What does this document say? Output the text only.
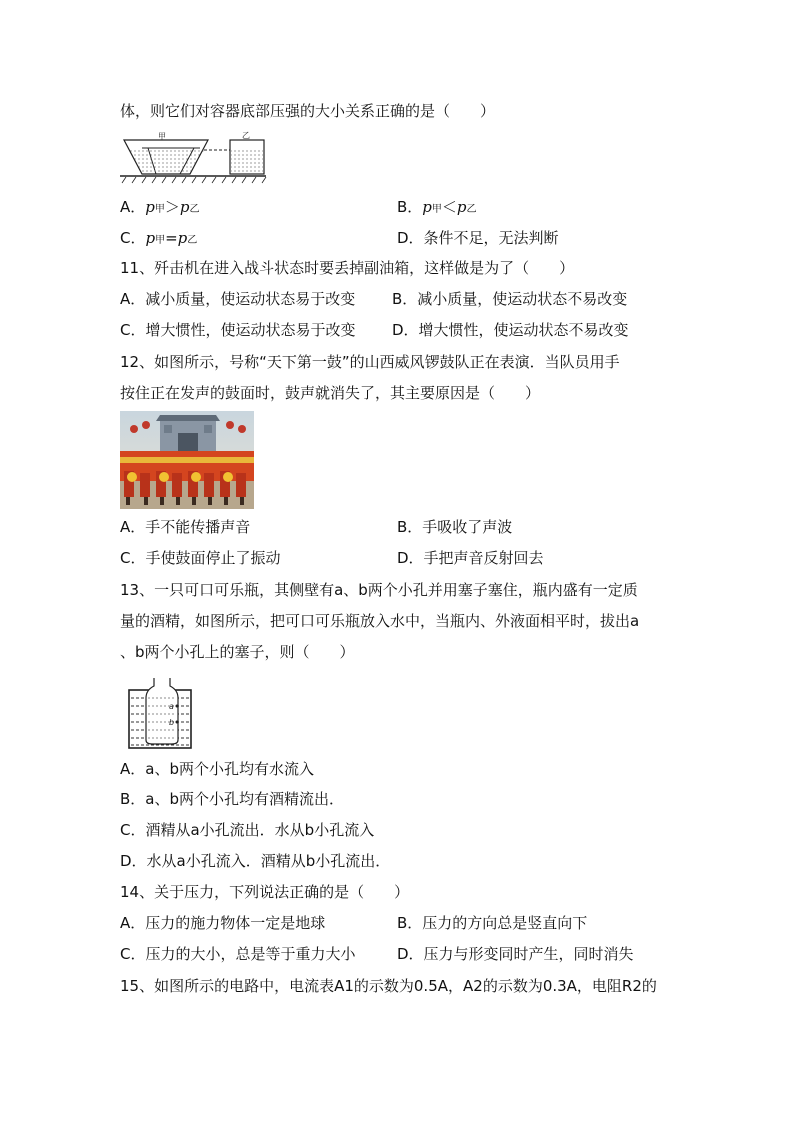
体，则它们对容器底部压强的大小关系正确的是（　　）
甲	乙
A．p甲＞p乙	B．p甲＜p乙
C．p甲=p乙	D．条件不足，无法判断
11、歼击机在进入战斗状态时要丢掉副油箱，这样做是为了（　　）
A．减小质量，使运动状态易于改变 B．减小质量，使运动状态不易改变
C．增大惯性，使运动状态易于改变 D．增大惯性，使运动状态不易改变
12、如图所示，号称“天下第一鼓”的山西威风锣鼓队正在表演．当队员用手
按住正在发声的鼓面时，鼓声就消失了，其主要原因是（　　）
A．手不能传播声音	B．手吸收了声波
C．手使鼓面停止了振动	D．手把声音反射回去
13、一只可口可乐瓶，其侧壁有a、b两个小孔并用塞子塞住，瓶内盛有一定质
量的酒精，如图所示，把可口可乐瓶放入水中，当瓶内、外液面相平时，拔出a
、b两个小孔上的塞子，则（　　）
a
b
A．a、b两个小孔均有水流入
B．a、b两个小孔均有酒精流出．
C．酒精从a小孔流出．水从b小孔流入
D．水从a小孔流入．酒精从b小孔流出．
14、关于压力，下列说法正确的是（　　）
A．压力的施力物体一定是地球	B．压力的方向总是竖直向下
C．压力的大小，总是等于重力大小	D．压力与形变同时产生，同时消失
15、如图所示的电路中，电流表A1的示数为0.5A，A2的示数为0.3A，电阻R2的
